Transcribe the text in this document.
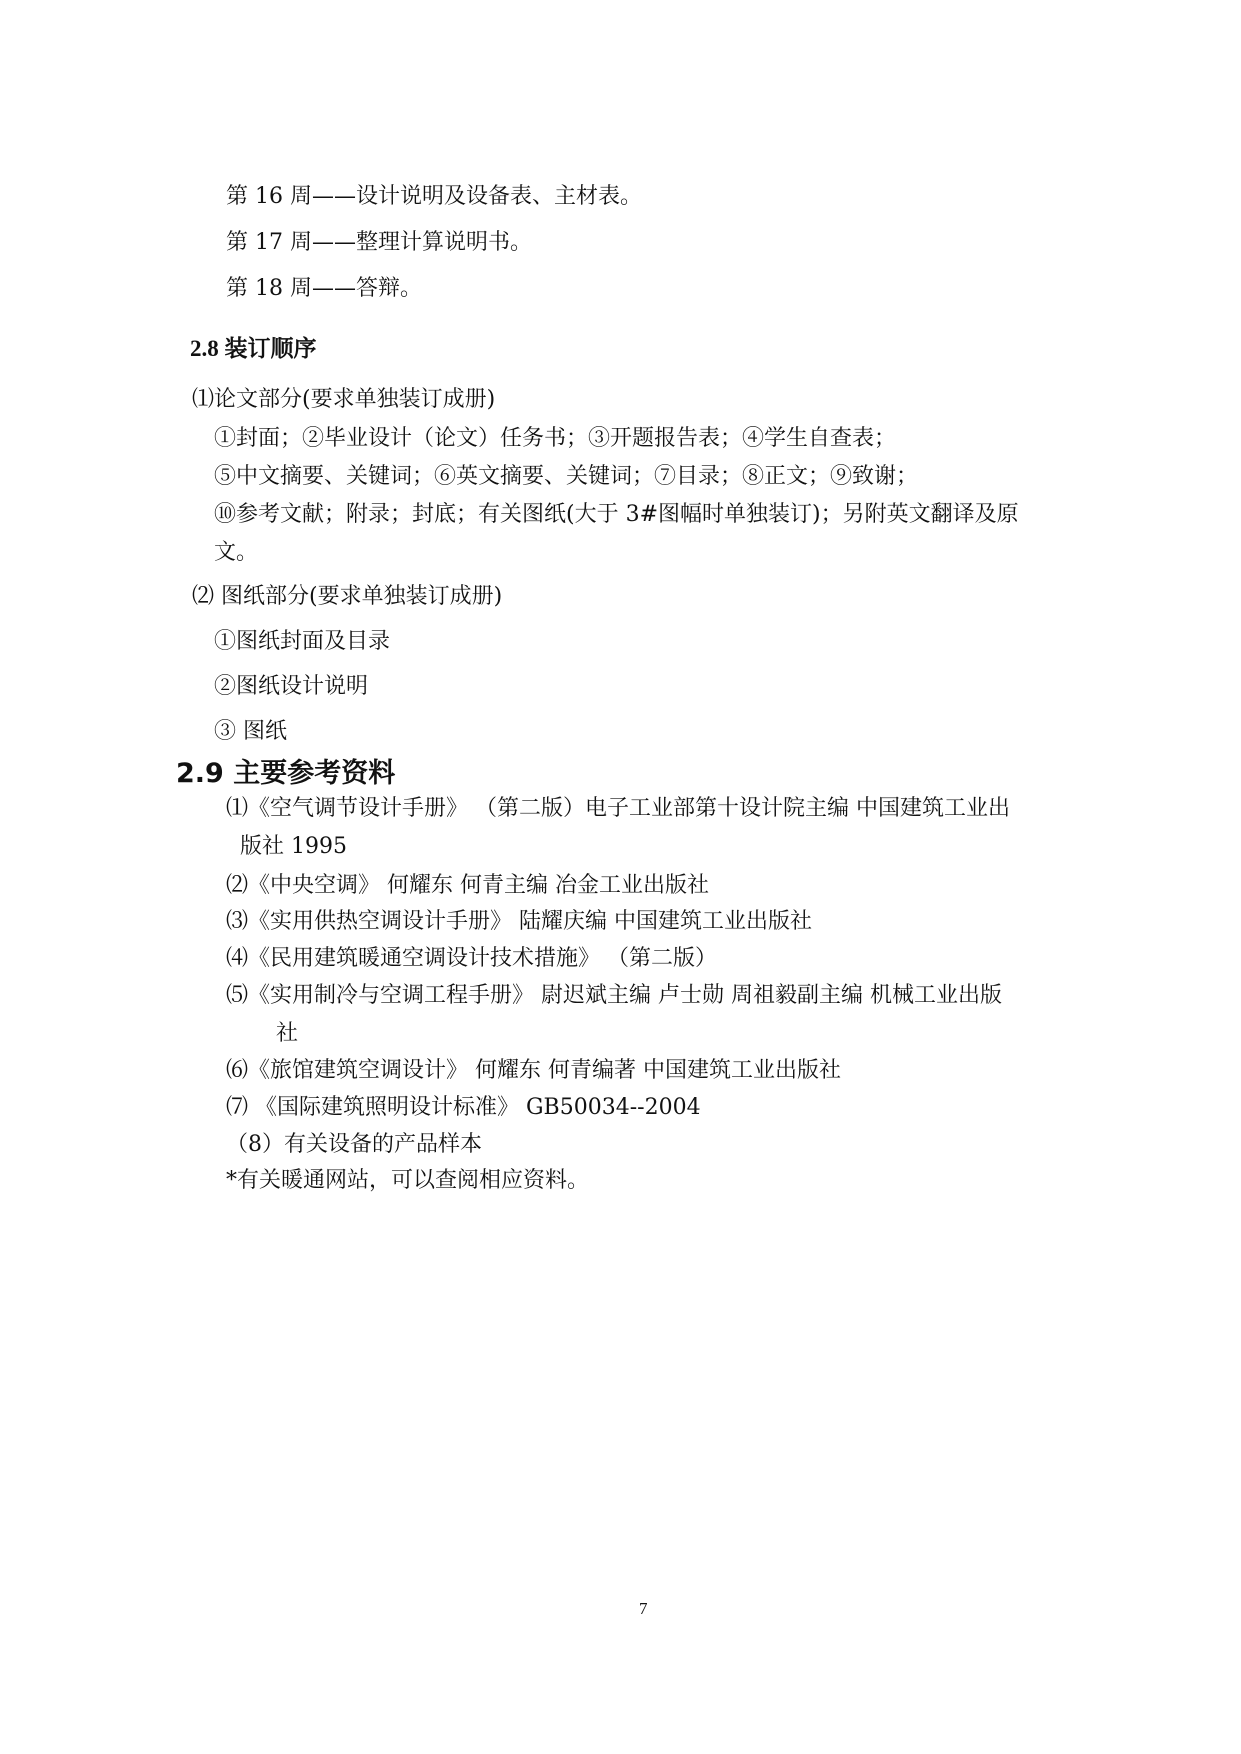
第 16 周——设计说明及设备表、主材表。
第 17 周——整理计算说明书。
第 18 周——答辩。
2.8 装订顺序
⑴论文部分(要求单独装订成册)
①封面；②毕业设计（论文）任务书；③开题报告表；④学生自查表；
⑤中文摘要、关键词；⑥英文摘要、关键词；⑦目录；⑧正文；⑨致谢；
⑩参考文献；附录；封底；有关图纸(大于 3#图幅时单独装订)；另附英文翻译及原
文。
⑵ 图纸部分(要求单独装订成册)
①图纸封面及目录
②图纸设计说明
③ 图纸
2.9 主要参考资料
⑴《空气调节设计手册》 （第二版）电子工业部第十设计院主编 中国建筑工业出
版社 1995
⑵《中央空调》 何耀东 何青主编 冶金工业出版社
⑶《实用供热空调设计手册》 陆耀庆编 中国建筑工业出版社
⑷《民用建筑暖通空调设计技术措施》 （第二版）
⑸《实用制冷与空调工程手册》 尉迟斌主编 卢士勋 周祖毅副主编 机械工业出版
社
⑹《旅馆建筑空调设计》 何耀东 何青编著 中国建筑工业出版社
⑺ 《国际建筑照明设计标准》 GB50034--2004
（8）有关设备的产品样本
*有关暖通网站，可以查阅相应资料。
7
